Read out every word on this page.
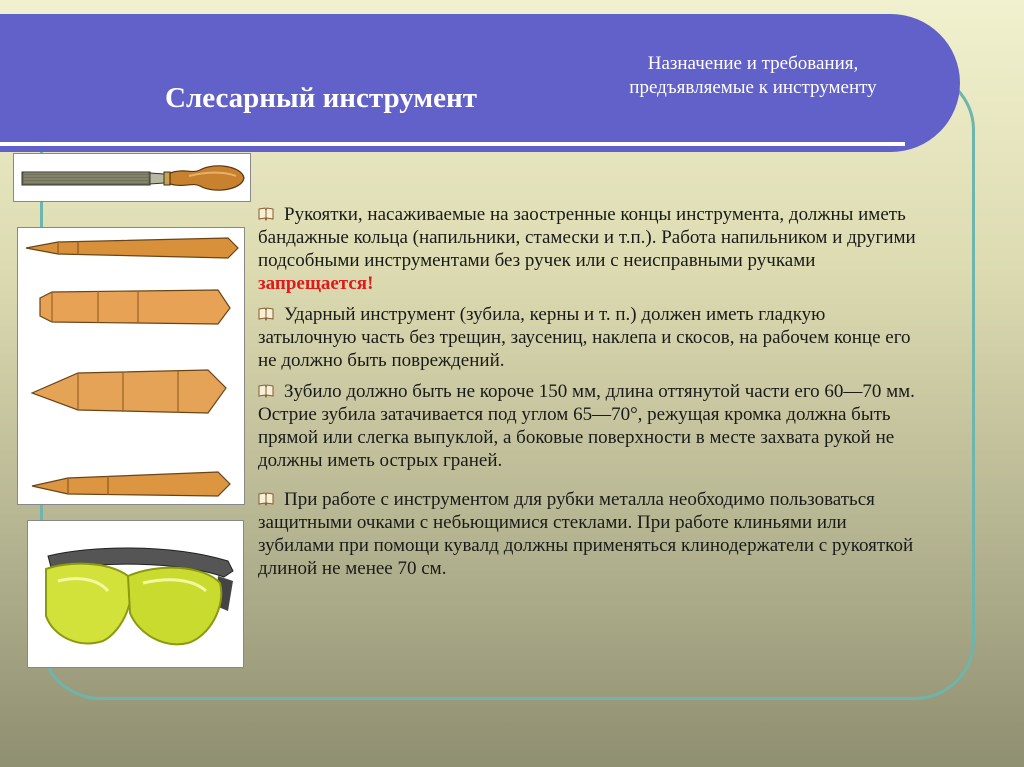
Слесарный инструмент
Назначение и требования,
предъявляемые к инструменту

Рукоятки, насаживаемые на заостренные концы инструмента, должны иметь бандажные кольца (напильники, стамески и т.п.). Работа напильником и другими подсобными инструментами без ручек или с неисправными ручками запрещается!

Ударный инструмент (зубила, керны и т. п.) должен иметь гладкую затылочную часть без трещин, заусениц, наклепа и скосов, на рабочем конце его не должно быть повреждений.

Зубило должно быть не короче 150 мм, длина оттянутой части его 60—70 мм. Острие зубила затачивается под углом 65—70°, режущая кромка должна быть прямой или слегка выпуклой, а боковые поверхности в месте захвата рукой не должны иметь острых граней.

При работе с инструментом для рубки металла необходимо пользоваться защитными очками с небьющимися стеклами. При работе клиньями или зубилами при помощи кувалд должны применяться клинодержатели с рукояткой длиной не менее 70 см.
